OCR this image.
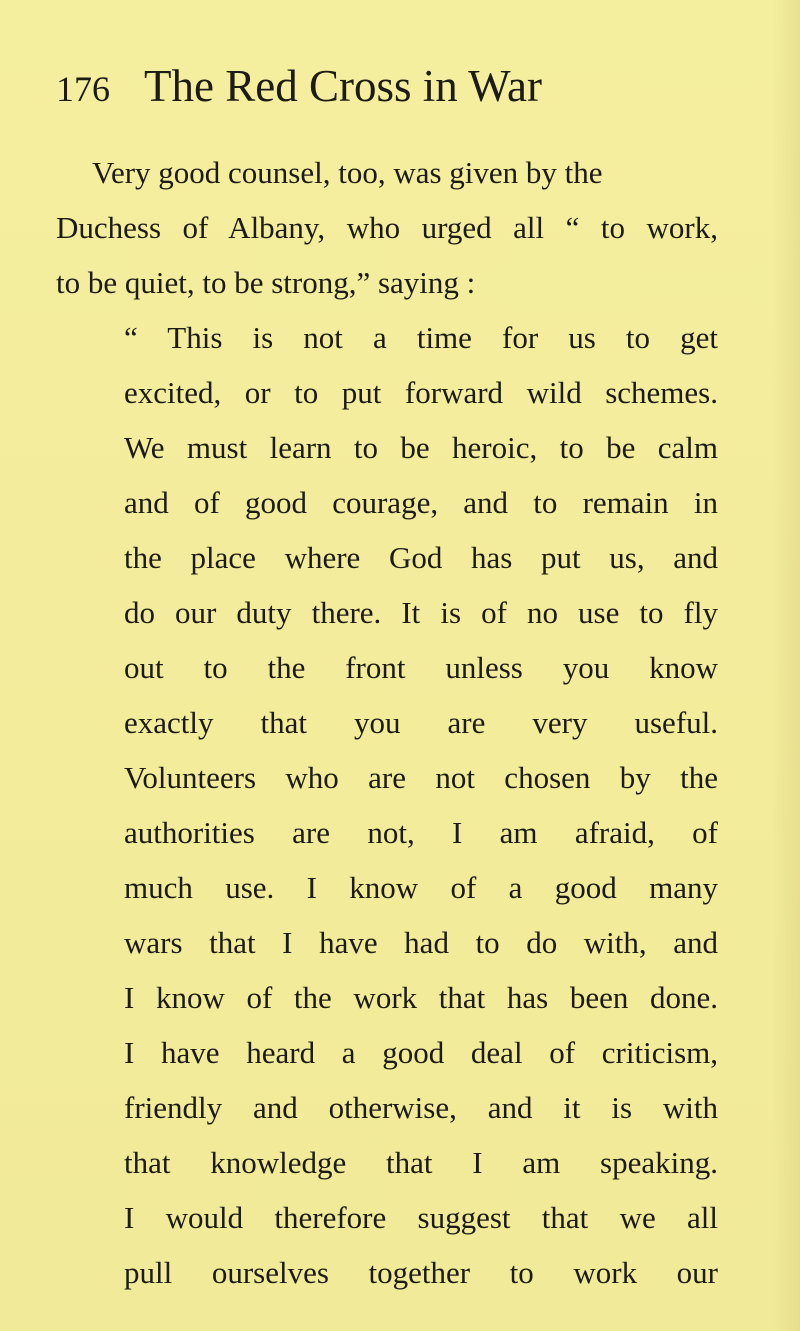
176 The Red Cross in War
Very good counsel, too, was given by the
Duchess of Albany, who urged all “ to work,
to be quiet, to be strong,” saying :
“ This is not a time for us to get
excited, or to put forward wild schemes.
We must learn to be heroic, to be calm
and of good courage, and to remain in
the place where God has put us, and
do our duty there. It is of no use to fly
out to the front unless you know
exactly that you are very useful.
Volunteers who are not chosen by the
authorities are not, I am afraid, of
much use. I know of a good many
wars that I have had to do with, and
I know of the work that has been done.
I have heard a good deal of criticism,
friendly and otherwise, and it is with
that knowledge that I am speaking.
I would therefore suggest that we all
pull ourselves together to work our
